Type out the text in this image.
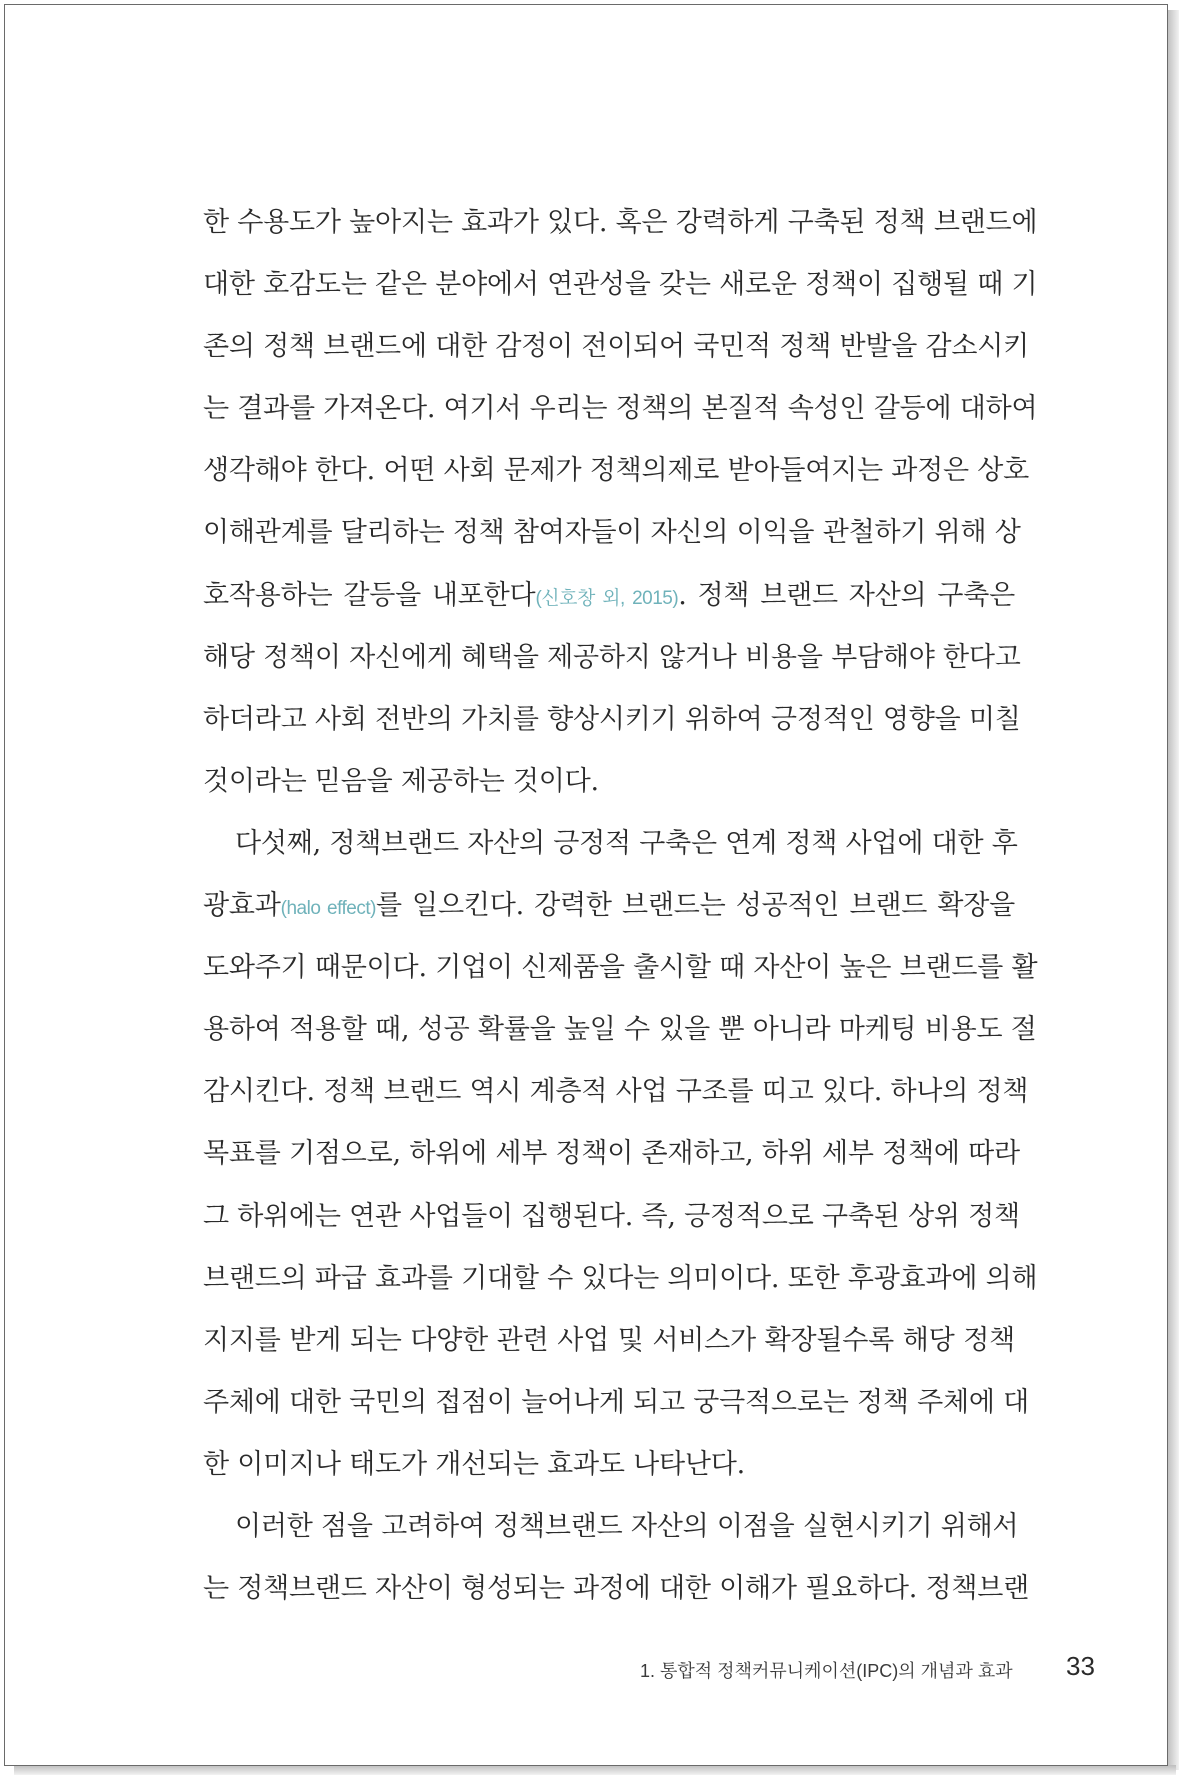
한 수용도가 높아지는 효과가 있다. 혹은 강력하게 구축된 정책 브랜드에
대한 호감도는 같은 분야에서 연관성을 갖는 새로운 정책이 집행될 때 기
존의 정책 브랜드에 대한 감정이 전이되어 국민적 정책 반발을 감소시키
는 결과를 가져온다. 여기서 우리는 정책의 본질적 속성인 갈등에 대하여
생각해야 한다. 어떤 사회 문제가 정책의제로 받아들여지는 과정은 상호
이해관계를 달리하는 정책 참여자들이 자신의 이익을 관철하기 위해 상
호작용하는 갈등을 내포한다(신호창 외, 2015). 정책 브랜드 자산의 구축은
해당 정책이 자신에게 혜택을 제공하지 않거나 비용을 부담해야 한다고
하더라고 사회 전반의 가치를 향상시키기 위하여 긍정적인 영향을 미칠
것이라는 믿음을 제공하는 것이다.
다섯째, 정책브랜드 자산의 긍정적 구축은 연계 정책 사업에 대한 후
광효과(halo effect)를 일으킨다. 강력한 브랜드는 성공적인 브랜드 확장을
도와주기 때문이다. 기업이 신제품을 출시할 때 자산이 높은 브랜드를 활
용하여 적용할 때, 성공 확률을 높일 수 있을 뿐 아니라 마케팅 비용도 절
감시킨다. 정책 브랜드 역시 계층적 사업 구조를 띠고 있다. 하나의 정책
목표를 기점으로, 하위에 세부 정책이 존재하고, 하위 세부 정책에 따라
그 하위에는 연관 사업들이 집행된다. 즉, 긍정적으로 구축된 상위 정책
브랜드의 파급 효과를 기대할 수 있다는 의미이다. 또한 후광효과에 의해
지지를 받게 되는 다양한 관련 사업 및 서비스가 확장될수록 해당 정책
주체에 대한 국민의 접점이 늘어나게 되고 궁극적으로는 정책 주체에 대
한 이미지나 태도가 개선되는 효과도 나타난다.
이러한 점을 고려하여 정책브랜드 자산의 이점을 실현시키기 위해서
는 정책브랜드 자산이 형성되는 과정에 대한 이해가 필요하다. 정책브랜
1. 통합적 정책커뮤니케이션(IPC)의 개념과 효과 33
